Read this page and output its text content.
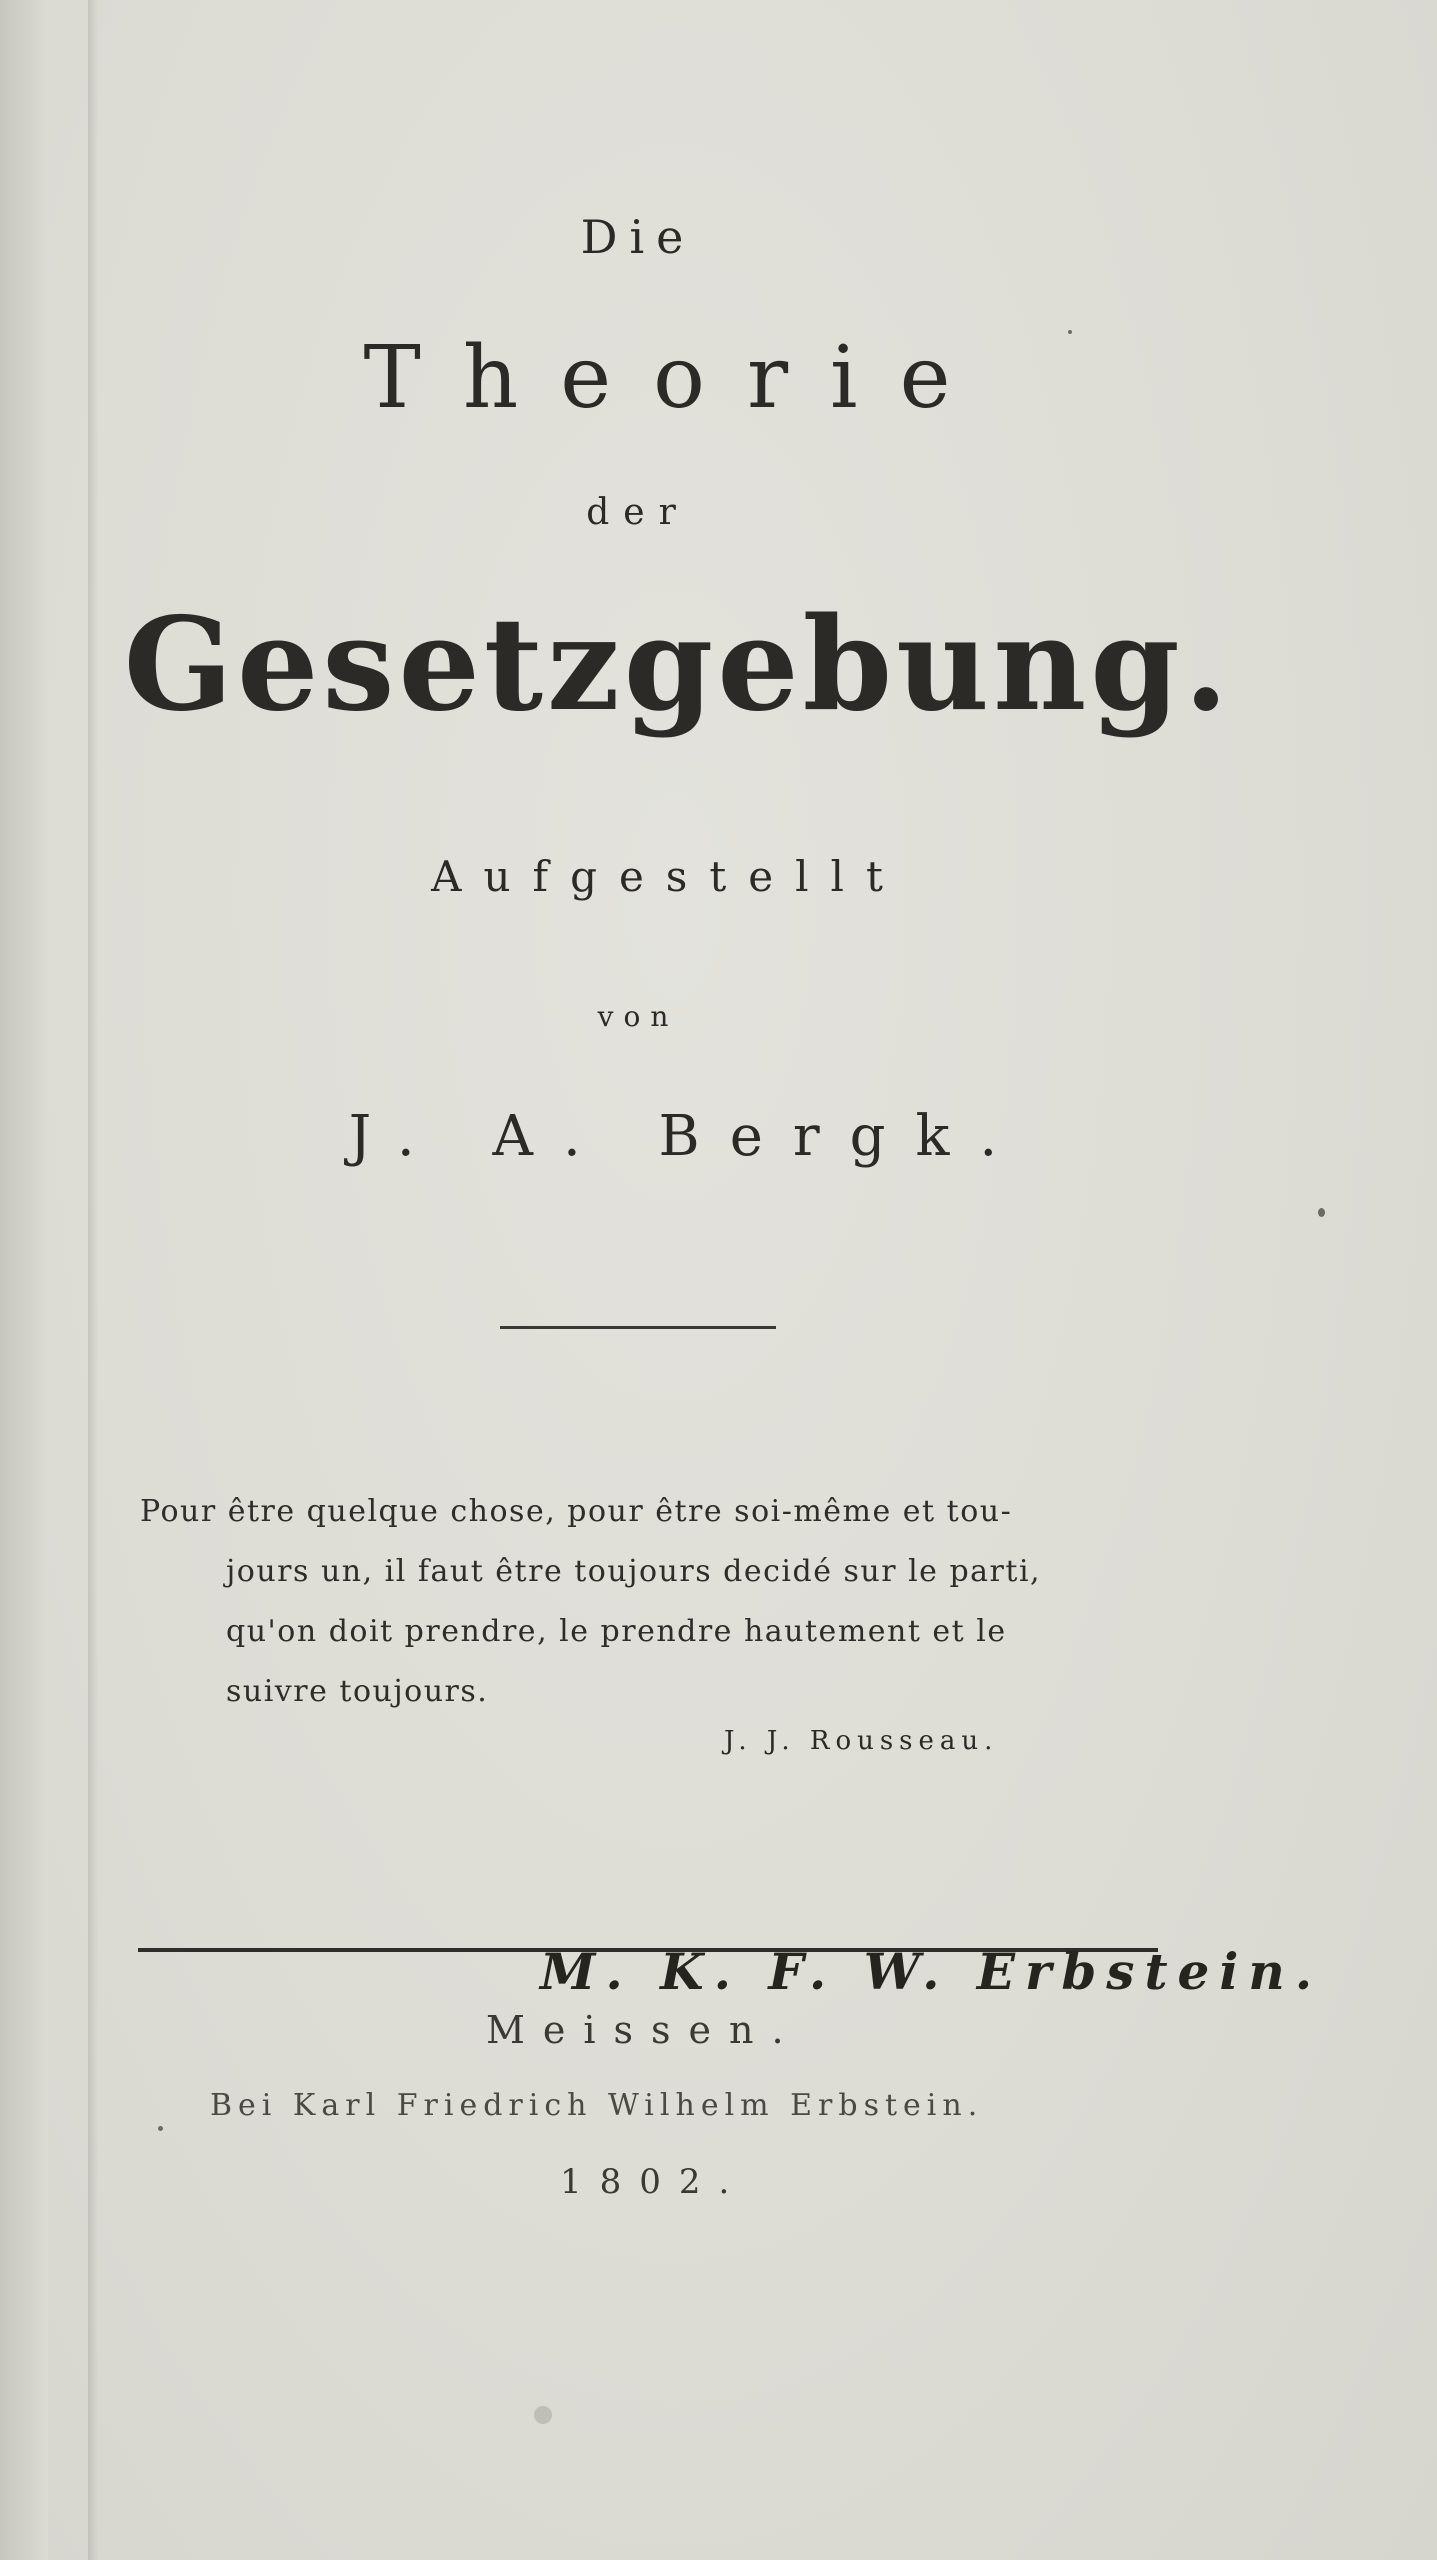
Die
Theorie
der
Gesetzgebung.
Aufgestellt
von
J. A. Bergk.
Pour être quelque chose, pour être soi-même et tou-
jours un, il faut être toujours decidé sur le parti,
qu'on doit prendre, le prendre hautement et le
suivre toujours.
J. J. Rousseau.
M. K. F. W. Erbstein.
Meissen.
Bei Karl Friedrich Wilhelm Erbstein.
1802.
